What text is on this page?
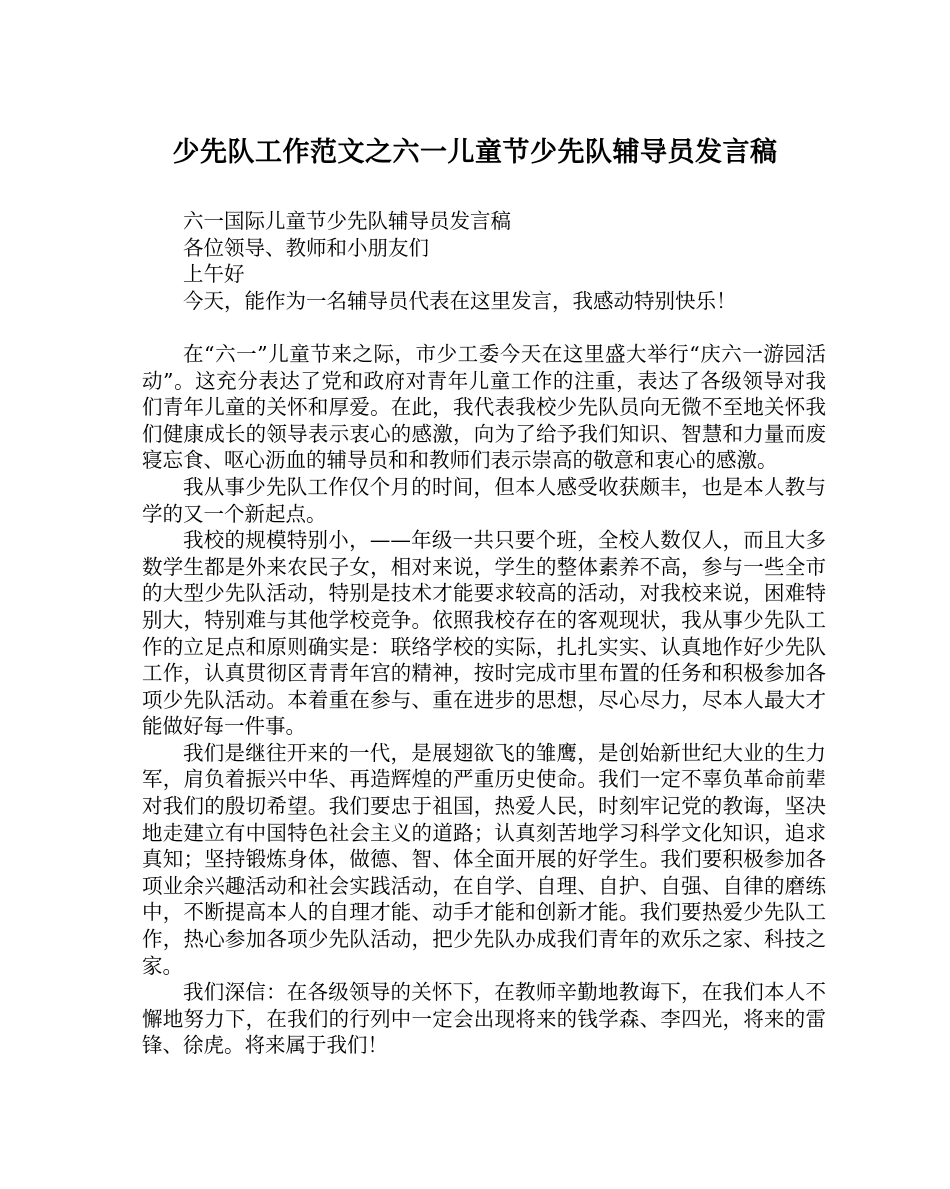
少先队工作范文之六一儿童节少先队辅导员发言稿

六一国际儿童节少先队辅导员发言稿

各位领导、教师和小朋友们

上午好

今天，能作为一名辅导员代表在这里发言，我感动特别快乐！

在“六一”儿童节来之际，市少工委今天在这里盛大举行“庆六一游园活动”。这充分表达了党和政府对青年儿童工作的注重，表达了各级领导对我们青年儿童的关怀和厚爱。在此，我代表我校少先队员向无微不至地关怀我们健康成长的领导表示衷心的感激，向为了给予我们知识、智慧和力量而废寝忘食、呕心沥血的辅导员和和教师们表示崇高的敬意和衷心的感激。

我从事少先队工作仅个月的时间，但本人感受收获颇丰，也是本人教与学的又一个新起点。

我校的规模特别小，——年级一共只要个班，全校人数仅人，而且大多数学生都是外来农民子女，相对来说，学生的整体素养不高，参与一些全市的大型少先队活动，特别是技术才能要求较高的活动，对我校来说，困难特别大，特别难与其他学校竞争。依照我校存在的客观现状，我从事少先队工作的立足点和原则确实是：联络学校的实际，扎扎实实、认真地作好少先队工作，认真贯彻区青青年宫的精神，按时完成市里布置的任务和积极参加各项少先队活动。本着重在参与、重在进步的思想，尽心尽力，尽本人最大才能做好每一件事。

我们是继往开来的一代，是展翅欲飞的雏鹰，是创始新世纪大业的生力军，肩负着振兴中华、再造辉煌的严重历史使命。我们一定不辜负革命前辈对我们的殷切希望。我们要忠于祖国，热爱人民，时刻牢记党的教诲，坚决地走建立有中国特色社会主义的道路；认真刻苦地学习科学文化知识，追求真知；坚持锻炼身体，做德、智、体全面开展的好学生。我们要积极参加各项业余兴趣活动和社会实践活动，在自学、自理、自护、自强、自律的磨练中，不断提高本人的自理才能、动手才能和创新才能。我们要热爱少先队工作，热心参加各项少先队活动，把少先队办成我们青年的欢乐之家、科技之家。

我们深信：在各级领导的关怀下，在教师辛勤地教诲下，在我们本人不懈地努力下，在我们的行列中一定会出现将来的钱学森、李四光，将来的雷锋、徐虎。将来属于我们！
